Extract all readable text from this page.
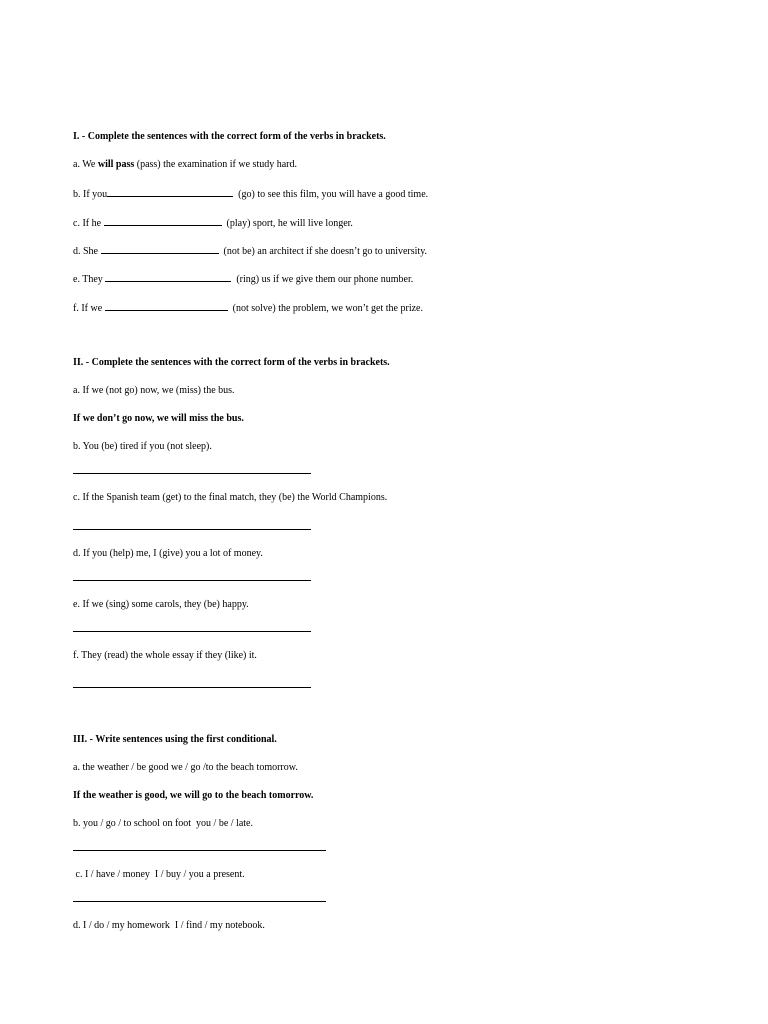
I. - Complete the sentences with the correct form of the verbs in brackets.
a. We will pass (pass) the examination if we study hard.
b. If you	(go) to see this film, you will have a good time.
c. If he	(play) sport, he will live longer.
d. She	(not be) an architect if she doesn’t go to university.
e. They	(ring) us if we give them our phone number.
f. If we	(not solve) the problem, we won’t get the prize.
II. - Complete the sentences with the correct form of the verbs in brackets.
a. If we (not go) now, we (miss) the bus.
If we don’t go now, we will miss the bus.
b. You (be) tired if you (not sleep).
c. If the Spanish team (get) to the final match, they (be) the World Champions.
d. If you (help) me, I (give) you a lot of money.
e. If we (sing) some carols, they (be) happy.
f. They (read) the whole essay if they (like) it.
III. - Write sentences using the first conditional.
a. the weather / be good we / go /to the beach tomorrow.
If the weather is good, we will go to the beach tomorrow.
b. you / go / to school on foot  you / be / late.
c. I / have / money  I / buy / you a present.
d. I / do / my homework  I / find / my notebook.
